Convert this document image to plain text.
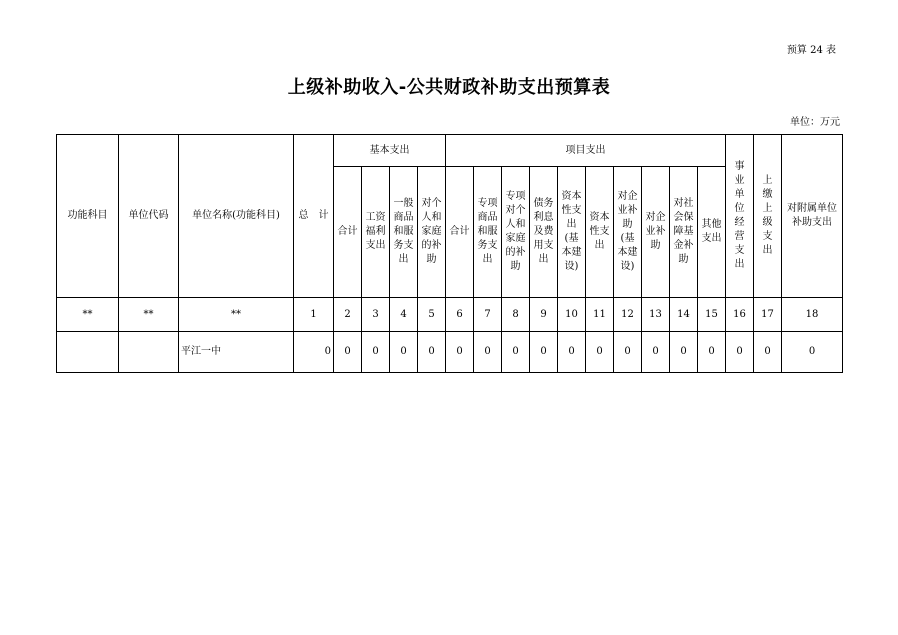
预算 24 表
上级补助收入-公共财政补助支出预算表
单位：万元
功能科目	单位代码	单位名称(功能科目)	总　计	基本支出				项目支出										事业单位经营支出	上缴上级支出	对附属单位补助支出
				合计	工资福利支出	一般商品和服务支出	对个人和家庭的补助	合计	专项商品和服务支出	专项对个人和家庭的补助	债务利息及费用支出	资本性支出(基本建设)	资本性支出	对企业补助(基本建设)	对企业补助	对社会保障基金补助	其他支出			
**	**	**	1	2	3	4	5	6	7	8	9	10	11	12	13	14	15	16	17	18
		平江一中	0	0	0	0	0	0	0	0	0	0	0	0	0	0	0	0	0	0
